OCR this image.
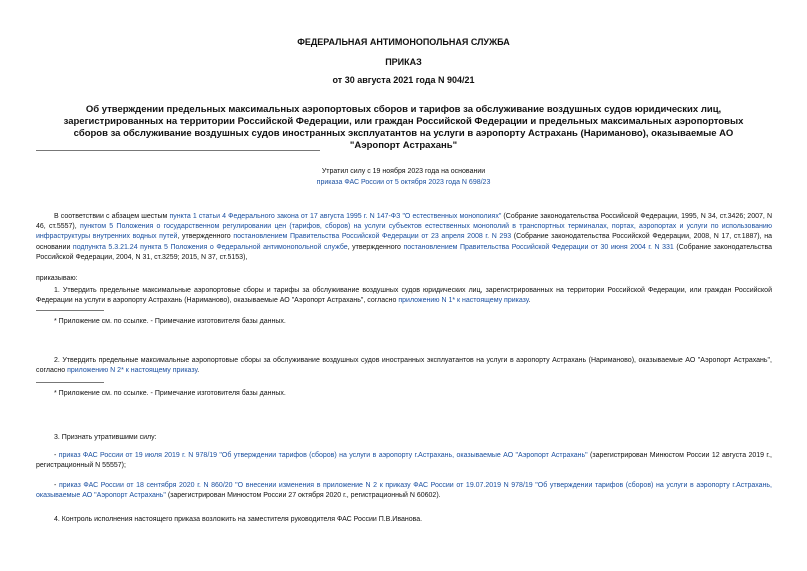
ФЕДЕРАЛЬНАЯ АНТИМОНОПОЛЬНАЯ СЛУЖБА
ПРИКАЗ
от 30 августа 2021 года N 904/21
Об утверждении предельных максимальных аэропортовых сборов и тарифов за обслуживание воздушных судов юридических лиц, зарегистрированных на территории Российской Федерации, или граждан Российской Федерации и предельных максимальных аэропортовых сборов за обслуживание воздушных судов иностранных эксплуатантов на услуги в аэропорту Астрахань (Нариманово), оказываемые АО "Аэропорт Астрахань"
Утратил силу с 19 ноября 2023 года на основании
приказа ФАС России от 5 октября 2023 года N 698/23

В соответствии с абзацем шестым пункта 1 статьи 4 Федерального закона от 17 августа 1995 г. N 147-ФЗ "О естественных монополиях" (Собрание законодательства Российской Федерации, 1995, N 34, ст.3426; 2007, N 46, ст.5557), пунктом 5 Положения о государственном регулировании цен (тарифов, сборов) на услуги субъектов естественных монополий в транспортных терминалах, портах, аэропортах и услуги по использованию инфраструктуры внутренних водных путей, утвержденного постановлением Правительства Российской Федерации от 23 апреля 2008 г. N 293 (Собрание законодательства Российской Федерации, 2008, N 17, ст.1887), на основании подпункта 5.3.21.24 пункта 5 Положения о Федеральной антимонопольной службе, утвержденного постановлением Правительства Российской Федерации от 30 июня 2004 г. N 331 (Собрание законодательства Российской Федерации, 2004, N 31, ст.3259; 2015, N 37, ст.5153),

приказываю:

1. Утвердить предельные максимальные аэропортовые сборы и тарифы за обслуживание воздушных судов юридических лиц, зарегистрированных на территории Российской Федерации, или граждан Российской Федерации на услуги в аэропорту Астрахань (Нариманово), оказываемые АО "Аэропорт Астрахань", согласно приложению N 1* к настоящему приказу.

* Приложение см. по ссылке. - Примечание изготовителя базы данных.

2. Утвердить предельные максимальные аэропортовые сборы за обслуживание воздушных судов иностранных эксплуатантов на услуги в аэропорту Астрахань (Нариманово), оказываемые АО "Аэропорт Астрахань", согласно приложению N 2* к настоящему приказу.

* Приложение см. по ссылке. - Примечание изготовителя базы данных.
3. Признать утратившими силу:

- приказ ФАС России от 19 июля 2019 г. N 978/19 "Об утверждении тарифов (сборов) на услуги в аэропорту г.Астрахань, оказываемые АО "Аэропорт Астрахань" (зарегистрирован Минюстом России 12 августа 2019 г., регистрационный N 55557);

- приказ ФАС России от 18 сентября 2020 г. N 860/20 "О внесении изменения в приложение N 2 к приказу ФАС России от 19.07.2019 N 978/19 "Об утверждении тарифов (сборов) на услуги в аэропорту г.Астрахань, оказываемые АО "Аэропорт Астрахань" (зарегистрирован Минюстом России 27 октября 2020 г., регистрационный N 60602).

4. Контроль исполнения настоящего приказа возложить на заместителя руководителя ФАС России П.В.Иванова.
